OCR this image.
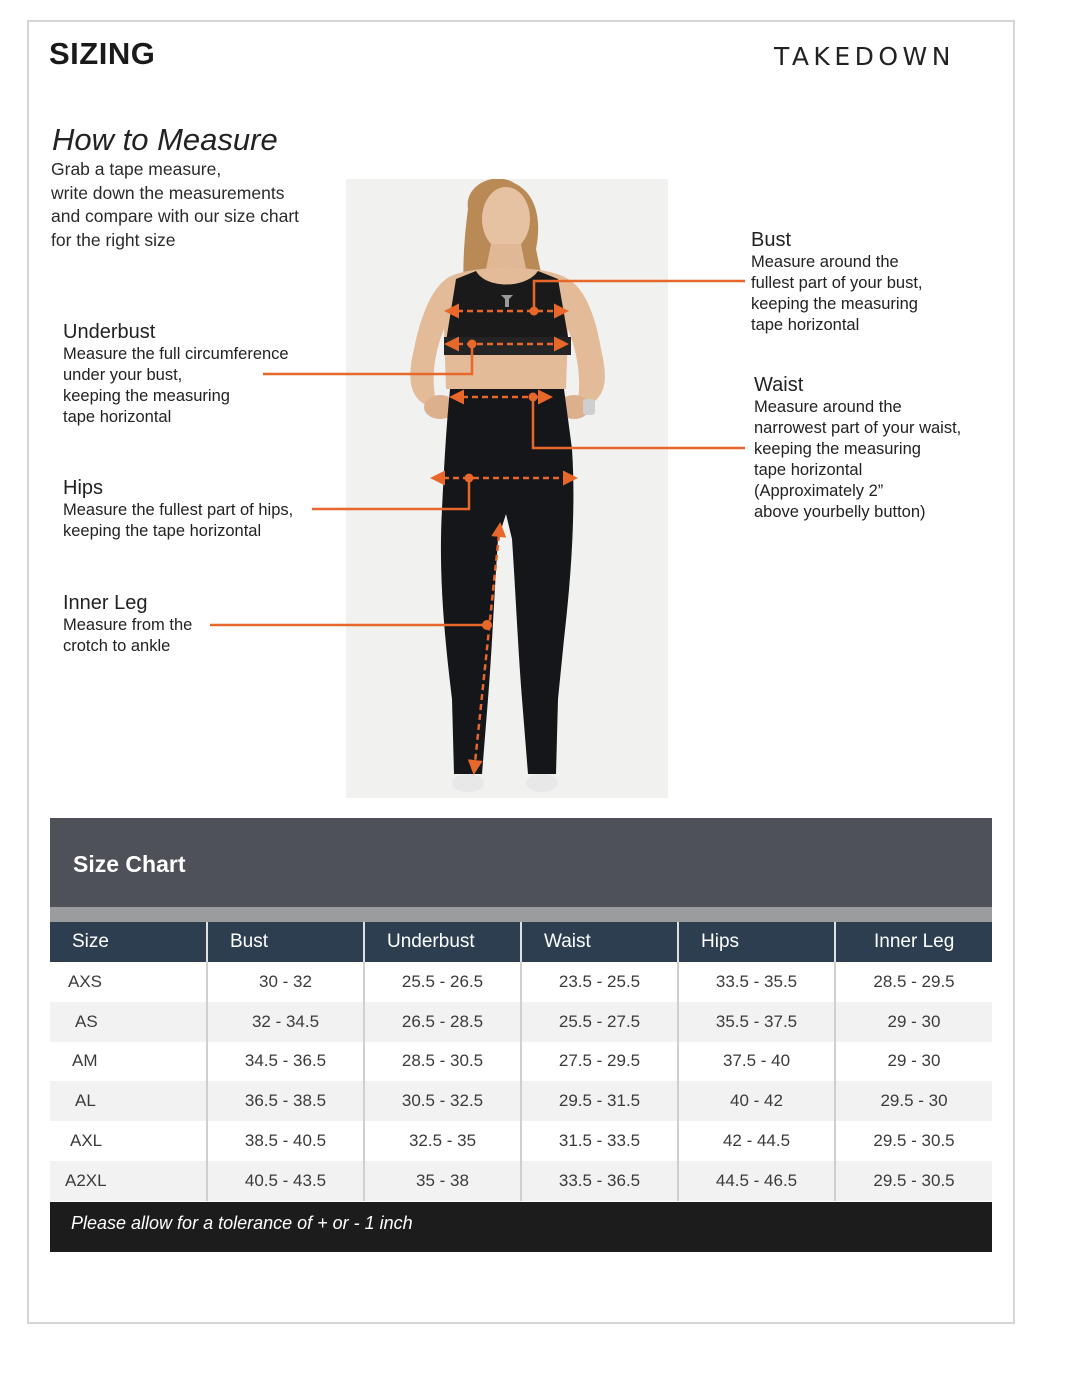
SIZING	TAKEDOWN
How to Measure
Grab a tape measure,
write down the measurements
and compare with our size chart
for the right size	Bust
Measure around the
fullest part of your bust,
keeping the measuring
tape horizontal
Underbust
Measure the full circumference
under your bust,
keeping the measuring
tape horizontal
Waist
Measure around the
narrowest part of your waist,
keeping the measuring
tape horizontal
(Approximately 2”
above yourbelly button)
Hips
Measure the fullest part of hips,
keeping the tape horizontal
Inner Leg
Measure from the
crotch to ankle
Size Chart
Size	Bust	Underbust	Waist	Hips	Inner Leg
AXS	30 - 32	25.5 - 26.5	23.5 - 25.5	33.5 - 35.5	28.5 - 29.5
AS	32 - 34.5	26.5 - 28.5	25.5 - 27.5	35.5 - 37.5	29 - 30
AM	34.5 - 36.5	28.5 - 30.5	27.5 - 29.5	37.5 - 40	29 - 30
AL	36.5 - 38.5	30.5 - 32.5	29.5 - 31.5	40 - 42	29.5 - 30
AXL	38.5 - 40.5	32.5 - 35	31.5 - 33.5	42 - 44.5	29.5 - 30.5
A2XL	40.5 - 43.5	35 - 38	33.5 - 36.5	44.5 - 46.5	29.5 - 30.5
Please allow for a tolerance of + or - 1 inch
